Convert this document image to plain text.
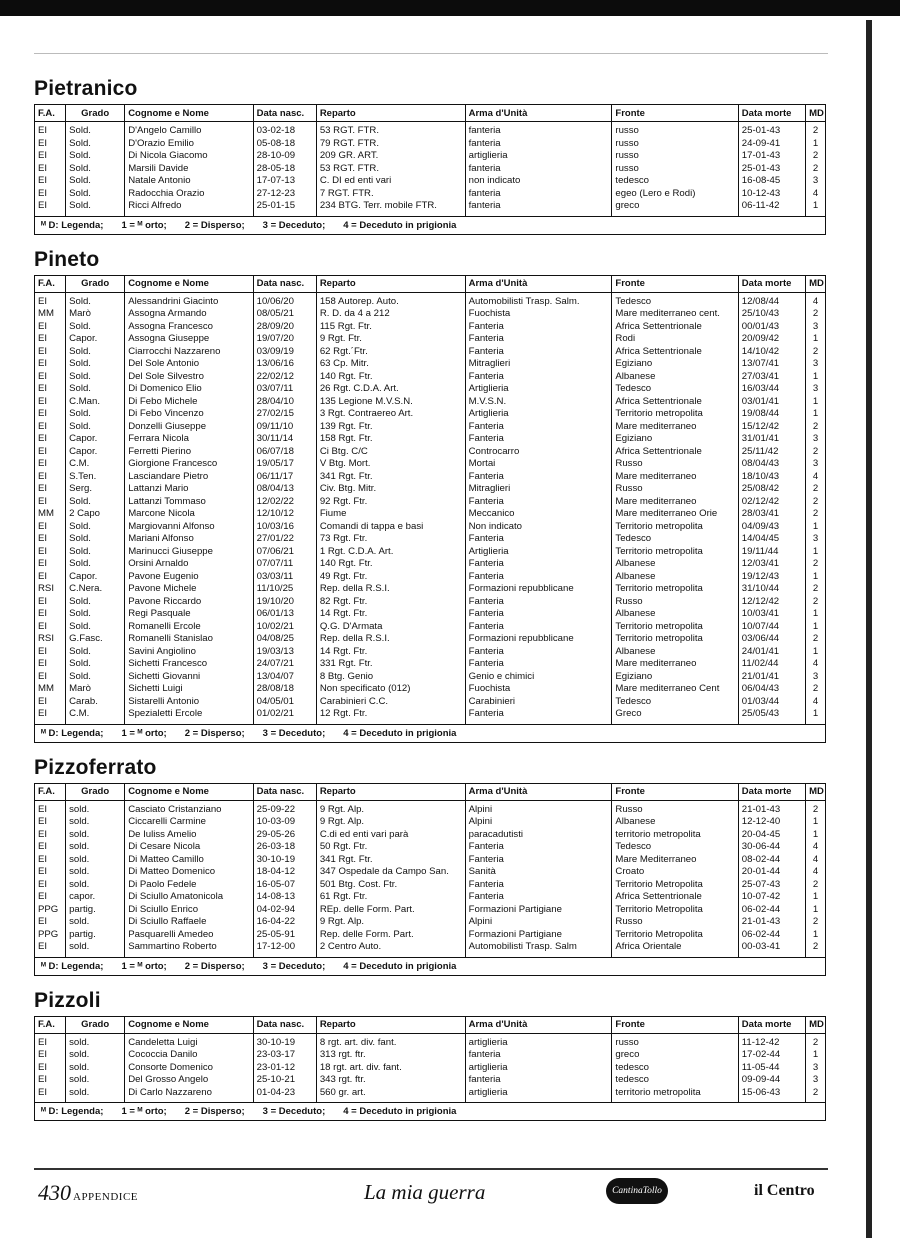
Pietranico
F.A.	Grado	Cognome e Nome	Data nasc.	Reparto	Arma d'Unità	Fronte	Data morte	MD
EI	Sold.	D'Angelo Camillo	03-02-18	53 RGT. FTR.	fanteria	russo	25-01-43	2
EI	Sold.	D'Orazio Emilio	05-08-18	79 RGT. FTR.	fanteria	russo	24-09-41	1
EI	Sold.	Di Nicola Giacomo	28-10-09	209 GR. ART.	artiglieria	russo	17-01-43	2
EI	Sold.	Marsili Davide	28-05-18	53 RGT. FTR.	fanteria	russo	25-01-43	2
EI	Sold.	Natale Antonio	17-07-13	C. DI ed enti vari	non indicato	tedesco	16-08-45	3
EI	Sold.	Radocchia Orazio	27-12-23	7 RGT. FTR.	fanteria	egeo (Lero e Rodi)	10-12-43	4
EI	Sold.	Ricci Alfredo	25-01-15	234 BTG. Terr. mobile FTR.	fanteria	greco	06-11-42	1
ᴹ D: Legenda; 1 = ᴹ orto; 2 = Disperso; 3 = Deceduto; 4 = Deceduto in prigionia
Pineto
F.A.	Grado	Cognome e Nome	Data nasc.	Reparto	Arma d'Unità	Fronte	Data morte	MD
EI	Sold.	Alessandrini Giacinto	10/06/20	158 Autorep. Auto.	Automobilisti Trasp. Salm.	Tedesco	12/08/44	4
MM	Marò	Assogna Armando	08/05/21	R. D. da 4 a 212	Fuochista	Mare mediterraneo cent.	25/10/43	2
EI	Sold.	Assogna Francesco	28/09/20	115 Rgt. Ftr.	Fanteria	Africa Settentrionale	00/01/43	3
EI	Capor.	Assogna Giuseppe	19/07/20	9 Rgt. Ftr.	Fanteria	Rodi	20/09/42	1
EI	Sold.	Ciarrocchi Nazzareno	03/09/19	62 Rgt.´Ftr.	Fanteria	Africa Settentrionale	14/10/42	2
EI	Sold.	Del Sole Antonio	13/06/16	63 Cp. Mitr.	Mitraglieri	Egiziano	13/07/41	3
EI	Sold.	Del Sole Silvestro	22/02/12	140 Rgt. Ftr.	Fanteria	Albanese	27/03/41	1
EI	Sold.	Di Domenico Elio	03/07/11	26 Rgt. C.D.A. Art.	Artiglieria	Tedesco	16/03/44	3
EI	C.Man.	Di Febo Michele	28/04/10	135 Legione M.V.S.N.	M.V.S.N.	Africa Settentrionale	03/01/41	1
EI	Sold.	Di Febo Vincenzo	27/02/15	3 Rgt. Contraereo Art.	Artiglieria	Territorio metropolita	19/08/44	1
EI	Sold.	Donzelli Giuseppe	09/11/10	139 Rgt. Ftr.	Fanteria	Mare mediterraneo	15/12/42	2
EI	Capor.	Ferrara Nicola	30/11/14	158 Rgt. Ftr.	Fanteria	Egiziano	31/01/41	3
EI	Capor.	Ferretti Pierino	06/07/18	Ci Btg. C/C	Controcarro	Africa Settentrionale	25/11/42	2
EI	C.M.	Giorgione Francesco	19/05/17	V Btg. Mort.	Mortai	Russo	08/04/43	3
EI	S.Ten.	Lasciandare Pietro	06/11/17	341 Rgt. Ftr.	Fanteria	Mare mediterraneo	18/10/43	4
EI	Serg.	Lattanzi Mario	08/04/13	Civ. Btg. Mitr.	Mitraglieri	Russo	25/08/42	2
EI	Sold.	Lattanzi Tommaso	12/02/22	92 Rgt. Ftr.	Fanteria	Mare mediterraneo	02/12/42	2
MM	2 Capo	Marcone Nicola	12/10/12	Fiume	Meccanico	Mare mediterraneo Orie	28/03/41	2
EI	Sold.	Margiovanni Alfonso	10/03/16	Comandi di tappa e basi	Non indicato	Territorio metropolita	04/09/43	1
EI	Sold.	Mariani Alfonso	27/01/22	73 Rgt. Ftr.	Fanteria	Tedesco	14/04/45	3
EI	Sold.	Marinucci Giuseppe	07/06/21	1 Rgt. C.D.A. Art.	Artiglieria	Territorio metropolita	19/11/44	1
EI	Sold.	Orsini Arnaldo	07/07/11	140 Rgt. Ftr.	Fanteria	Albanese	12/03/41	2
EI	Capor.	Pavone Eugenio	03/03/11	49 Rgt. Ftr.	Fanteria	Albanese	19/12/43	1
RSI	C.Nera.	Pavone Michele	11/10/25	Rep. della R.S.I.	Formazioni repubblicane	Territorio metropolita	31/10/44	2
EI	Sold.	Pavone Riccardo	19/10/20	82 Rgt. Ftr.	Fanteria	Russo	12/12/42	2
EI	Sold.	Regi Pasquale	06/01/13	14 Rgt. Ftr.	Fanteria	Albanese	10/03/41	1
EI	Sold.	Romanelli Ercole	10/02/21	Q.G. D'Armata	Fanteria	Territorio metropolita	10/07/44	1
RSI	G.Fasc.	Romanelli Stanislao	04/08/25	Rep. della R.S.I.	Formazioni repubblicane	Territorio metropolita	03/06/44	2
EI	Sold.	Savini Angiolino	19/03/13	14 Rgt. Ftr.	Fanteria	Albanese	24/01/41	1
EI	Sold.	Sichetti Francesco	24/07/21	331 Rgt. Ftr.	Fanteria	Mare mediterraneo	11/02/44	4
EI	Sold.	Sichetti Giovanni	13/04/07	8 Btg. Genio	Genio e chimici	Egiziano	21/01/41	3
MM	Marò	Sichetti Luigi	28/08/18	Non specificato (012)	Fuochista	Mare mediterraneo Cent	06/04/43	2
EI	Carab.	Sistarelli Antonio	04/05/01	Carabinieri C.C.	Carabinieri	Tedesco	01/03/44	4
EI	C.M.	Spezialetti Ercole	01/02/21	12 Rgt. Ftr.	Fanteria	Greco	25/05/43	1
ᴹ D: Legenda; 1 = ᴹ orto; 2 = Disperso; 3 = Deceduto; 4 = Deceduto in prigionia
Pizzoferrato
F.A.	Grado	Cognome e Nome	Data nasc.	Reparto	Arma d'Unità	Fronte	Data morte	MD
EI	sold.	Casciato Cristanziano	25-09-22	9 Rgt. Alp.	Alpini	Russo	21-01-43	2
EI	sold.	Ciccarelli Carmine	10-03-09	9 Rgt. Alp.	Alpini	Albanese	12-12-40	1
EI	sold.	De Iuliss Amelio	29-05-26	C.di ed enti vari parà	paracadutisti	territorio metropolita	20-04-45	1
EI	sold.	Di Cesare Nicola	26-03-18	50 Rgt. Ftr.	Fanteria	Tedesco	30-06-44	4
EI	sold.	Di Matteo Camillo	30-10-19	341 Rgt. Ftr.	Fanteria	Mare Mediterraneo	08-02-44	4
EI	sold.	Di Matteo Domenico	18-04-12	347 Ospedale da Campo San.	Sanità	Croato	20-01-44	4
EI	sold.	Di Paolo Fedele	16-05-07	501 Btg. Cost. Ftr.	Fanteria	Territorio Metropolita	25-07-43	2
EI	capor.	Di Sciullo Amatonicola	14-08-13	61 Rgt. Ftr.	Fanteria	Africa Settentrionale	10-07-42	1
PPG	partig.	Di Sciullo Enrico	04-02-94	REp. delle Form. Part.	Formazioni Partigiane	Territorio Metropolita	06-02-44	1
EI	sold.	Di Sciullo Raffaele	16-04-22	9 Rgt. Alp.	Alpini	Russo	21-01-43	2
PPG	partig.	Pasquarelli Amedeo	25-05-91	Rep. delle Form. Part.	Formazioni Partigiane	Territorio Metropolita	06-02-44	1
EI	sold.	Sammartino Roberto	17-12-00	2 Centro Auto.	Automobilisti Trasp. Salm	Africa Orientale	00-03-41	2
ᴹ D: Legenda; 1 = ᴹ orto; 2 = Disperso; 3 = Deceduto; 4 = Deceduto in prigionia
Pizzoli
F.A.	Grado	Cognome e Nome	Data nasc.	Reparto	Arma d'Unità	Fronte	Data morte	MD
EI	sold.	Candeletta Luigi	30-10-19	8 rgt. art. div. fant.	artiglieria	russo	11-12-42	2
EI	sold.	Cococcia Danilo	23-03-17	313 rgt. ftr.	fanteria	greco	17-02-44	1
EI	sold.	Consorte Domenico	23-01-12	18 rgt. art. div. fant.	artiglieria	tedesco	11-05-44	3
EI	sold.	Del Grosso Angelo	25-10-21	343 rgt. ftr.	fanteria	tedesco	09-09-44	3
EI	sold.	Di Carlo Nazzareno	01-04-23	560 gr. art.	artiglieria	territorio metropolita	15-06-43	2
ᴹ D: Legenda; 1 = ᴹ orto; 2 = Disperso; 3 = Deceduto; 4 = Deceduto in prigionia
430 APPENDICE	La mia guerra	CantinaTollo	il Centro
